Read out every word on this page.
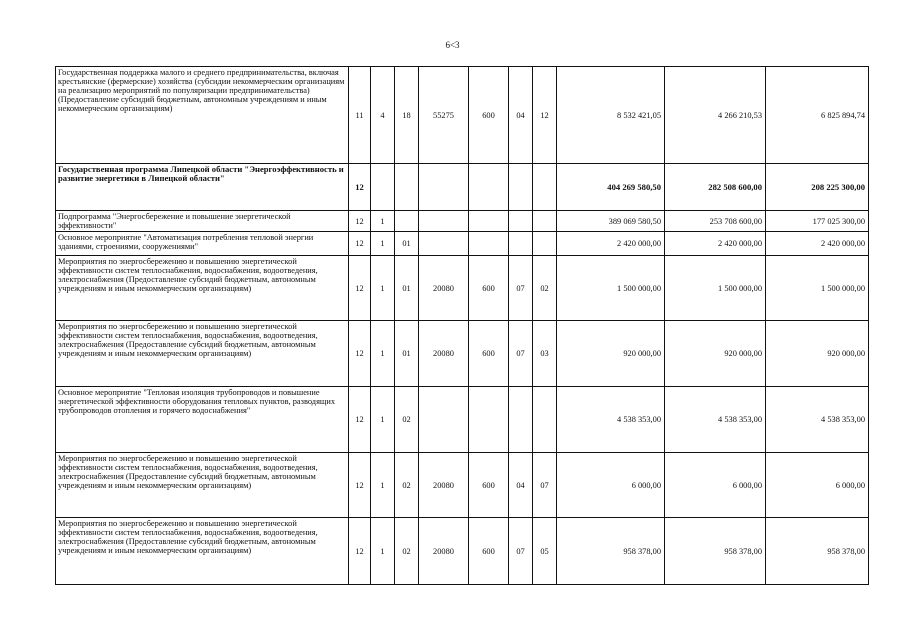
6<3
Государственная поддержка малого и среднего предпринимательства, включая крестьянские (фермерские) хозяйства (субсидии некоммерческим организациям на реализацию мероприятий по популяризации предпринимательства) (Предоставление субсидий бюджетным, автономным учреждениям и иным некоммерческим организациям)	11	4	18	55275	600	04	12	8 532 421,05	4 266 210,53	6 825 894,74
Государственная программа Липецкой области "Энергоэффективность и развитие энергетики в Липецкой области"	12							404 269 580,50	282 508 600,00	208 225 300,00
Подпрограмма "Энергосбережение и повышение энергетической эффективности"	12	1						389 069 580,50	253 708 600,00	177 025 300,00
Основное мероприятие "Автоматизация потребления тепловой энергии зданиями, строениями, сооружениями"	12	1	01					2 420 000,00	2 420 000,00	2 420 000,00
Мероприятия по энергосбережению и повышению энергетической эффективности систем теплоснабжения, водоснабжения, водоотведения, электроснабжения (Предоставление субсидий бюджетным, автономным учреждениям и иным некоммерческим организациям)	12	1	01	20080	600	07	02	1 500 000,00	1 500 000,00	1 500 000,00
Мероприятия по энергосбережению и повышению энергетической эффективности систем теплоснабжения, водоснабжения, водоотведения, электроснабжения (Предоставление субсидий бюджетным, автономным учреждениям и иным некоммерческим организациям)	12	1	01	20080	600	07	03	920 000,00	920 000,00	920 000,00
Основное мероприятие "Тепловая изоляция трубопроводов и повышение энергетической эффективности оборудования тепловых пунктов, разводящих трубопроводов отопления и горячего водоснабжения"	12	1	02					4 538 353,00	4 538 353,00	4 538 353,00
Мероприятия по энергосбережению и повышению энергетической эффективности систем теплоснабжения, водоснабжения, водоотведения, электроснабжения (Предоставление субсидий бюджетным, автономным учреждениям и иным некоммерческим организациям)	12	1	02	20080	600	04	07	6 000,00	6 000,00	6 000,00
Мероприятия по энергосбережению и повышению энергетической эффективности систем теплоснабжения, водоснабжения, водоотведения, электроснабжения (Предоставление субсидий бюджетным, автономным учреждениям и иным некоммерческим организациям)	12	1	02	20080	600	07	05	958 378,00	958 378,00	958 378,00
